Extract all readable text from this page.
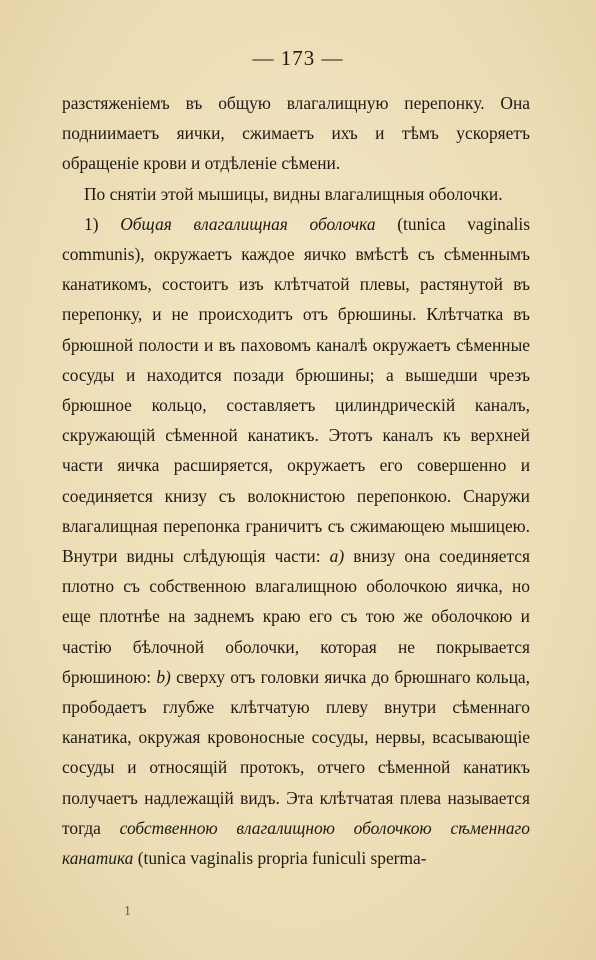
— 173 —

разстяженіемъ въ общую влагалищную перепонку. Она подниимаетъ яички, сжимаетъ ихъ и тѣмъ ускоряетъ обращеніе крови и отдѣленіе сѣмени.

По снятіи этой мышицы, видны влагалищныя оболочки.

1) Общая влагалищная оболочка (tunica vaginalis communis), окружаетъ каждое яичко вмѣстѣ съ сѣменнымъ канатикомъ, состоитъ изъ клѣтчатой плевы, растянутой въ перепонку, и не происходитъ отъ брюшины. Клѣтчатка въ брюшной полости и въ паховомъ каналѣ окружаетъ сѣменные сосуды и находится позади брюшины; а вышедши чрезъ брюшное кольцо, составляетъ цилиндрическій каналъ, скружающій сѣменной канатикъ. Этотъ каналъ къ верхней части яичка расширяется, окружаетъ его совершенно и соединяется книзу съ волокнистою перепонкою. Снаружи влагалищная перепонка граничитъ съ сжимающею мышицею. Внутри видны слѣдующія части: a) внизу она соединяется плотно съ собственною влагалищною оболочкою яичка, но еще плотнѣе на заднемъ краю его съ тою же оболочкою и частію бѣлочной оболочки, которая не покрывается брюшиною: b) сверху отъ головки яичка до брюшнаго кольца, прободаетъ глубже клѣтчатую плеву внутри сѣменнаго канатика, окружая кровоносные сосуды, нервы, всасывающіе сосуды и относящій протокъ, отчего сѣменной канатикъ получаетъ надлежащій видъ. Эта клѣтчатая плева называется тогда собственною влагалищною оболочкою сѣменнаго канатика (tunica vaginalis proprіa funiculi sperma-

1
